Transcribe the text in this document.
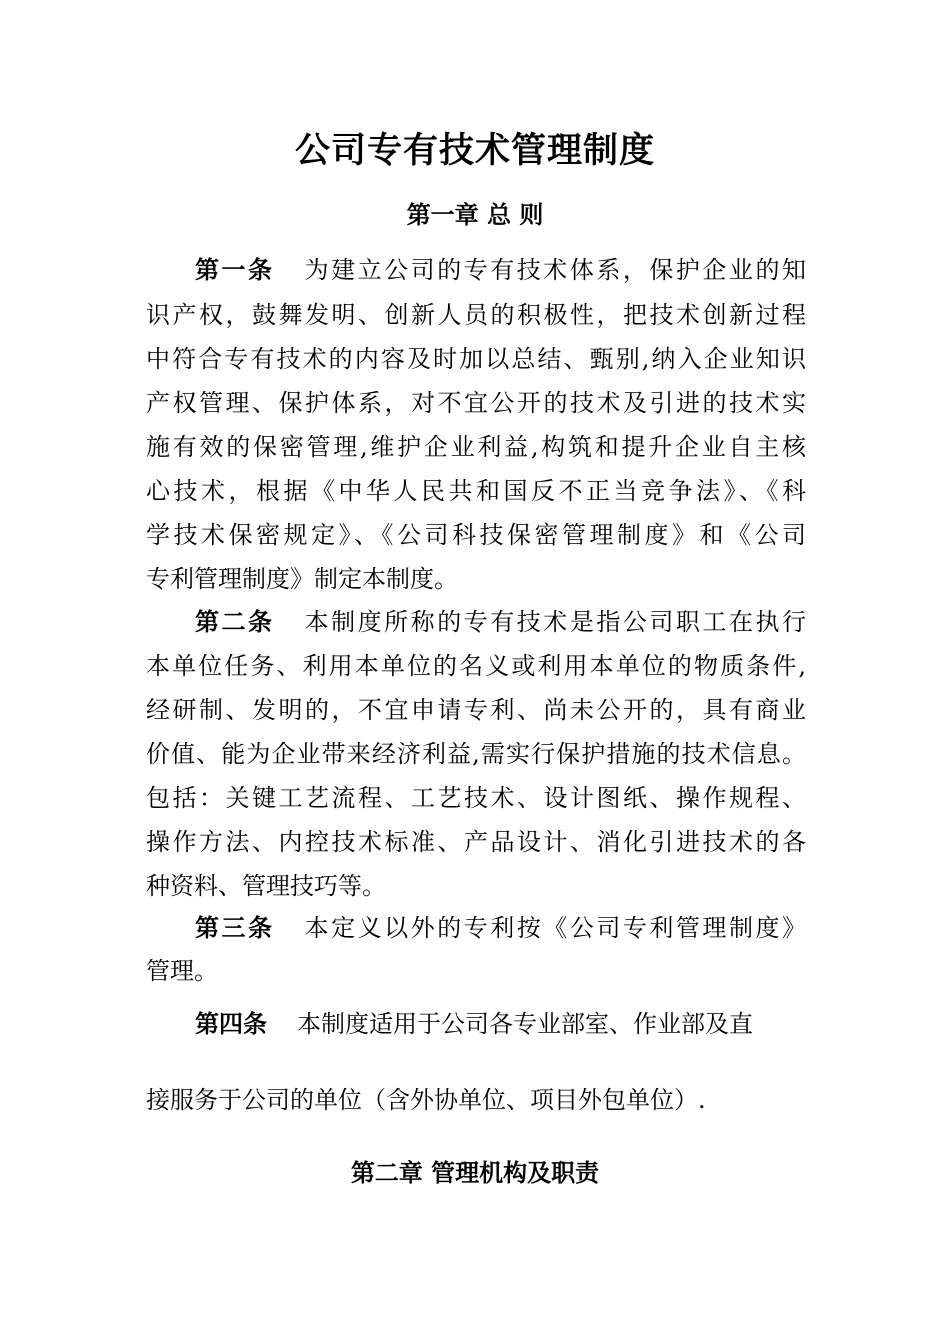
公司专有技术管理制度
第一章 总 则
第一条 为建立公司的专有技术体系，保护企业的知
识产权，鼓舞发明、创新人员的积极性，把技术创新过程
中符合专有技术的内容及时加以总结、甄别,纳入企业知识
产权管理、保护体系，对不宜公开的技术及引进的技术实
施有效的保密管理,维护企业利益,构筑和提升企业自主核
心技术，根据《中华人民共和国反不正当竞争法》、《科
学技术保密规定》、《公司科技保密管理制度》和《公司
专利管理制度》制定本制度。
第二条 本制度所称的专有技术是指公司职工在执行
本单位任务、利用本单位的名义或利用本单位的物质条件,
经研制、发明的，不宜申请专利、尚未公开的，具有商业
价值、能为企业带来经济利益,需实行保护措施的技术信息。
包括：关键工艺流程、工艺技术、设计图纸、操作规程、
操作方法、内控技术标准、产品设计、消化引进技术的各
种资料、管理技巧等。
第三条 本定义以外的专利按《公司专利管理制度》
管理。
第四条 本制度适用于公司各专业部室、作业部及直
接服务于公司的单位（含外协单位、项目外包单位）.
第二章 管理机构及职责
